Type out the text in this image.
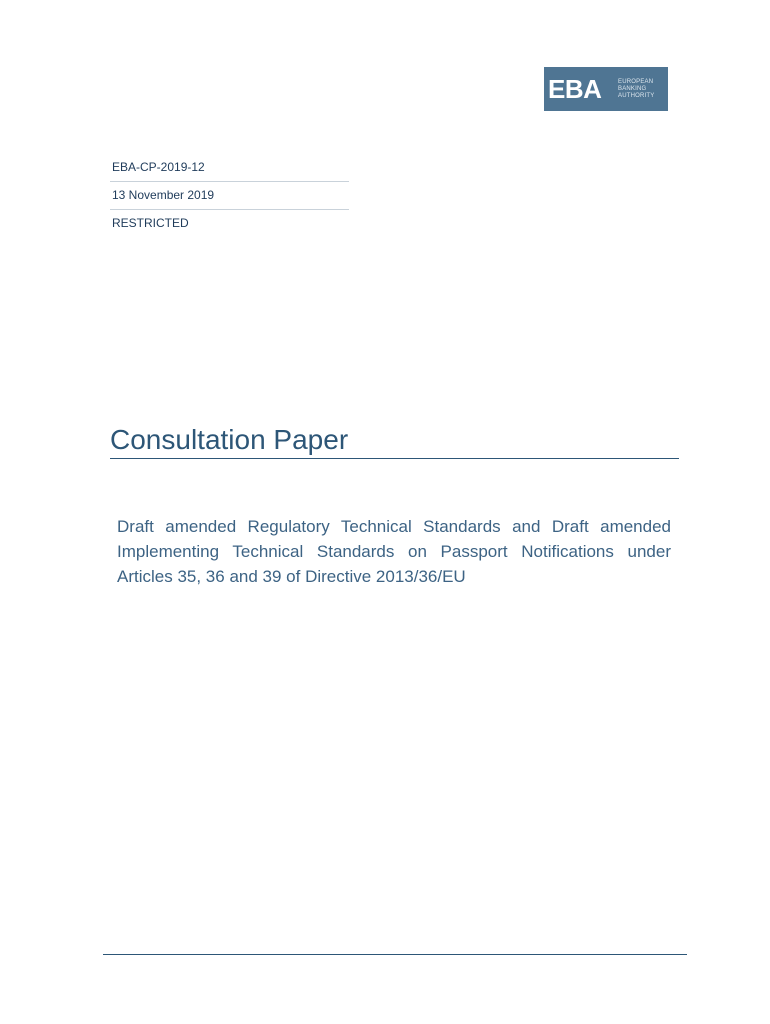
EBA	EUROPEAN
BANKING
AUTHORITY
EBA-CP-2019-12
13 November 2019
RESTRICTED
Consultation Paper

Draft amended Regulatory Technical Standards and Draft amended Implementing Technical Standards on Passport Notifications under Articles 35, 36 and 39 of Directive 2013/36/EU
